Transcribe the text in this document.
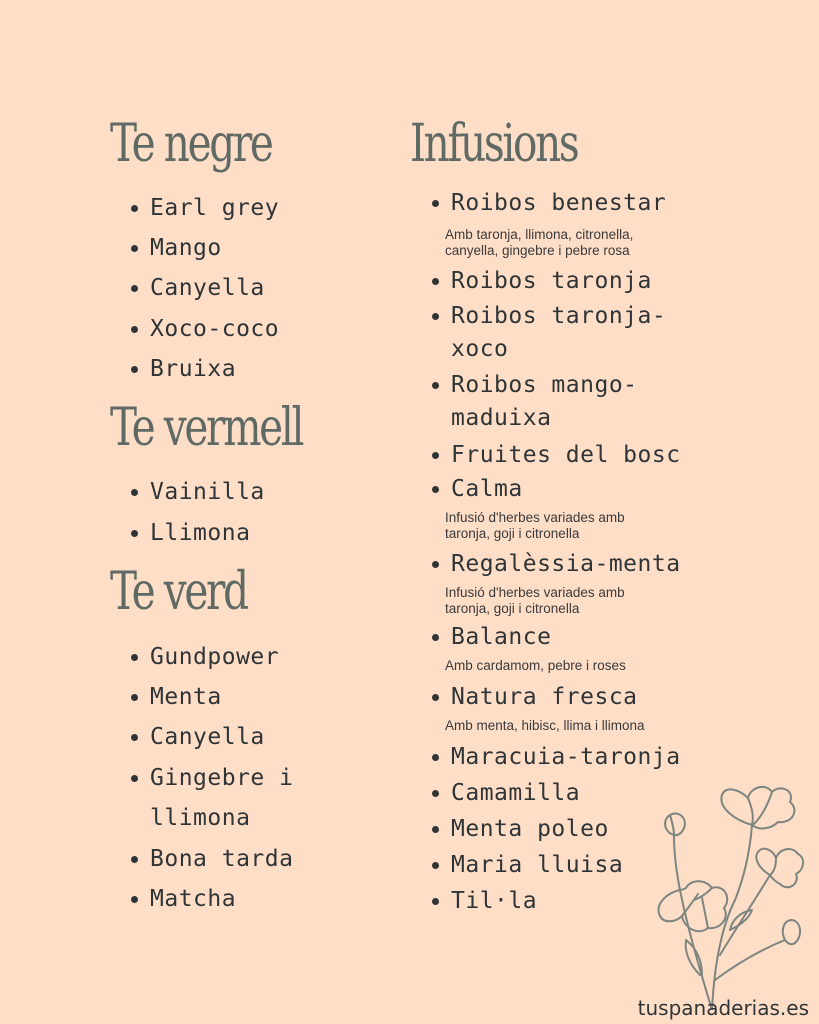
Te negre
Earl grey
Mango
Canyella
Xoco-coco
Bruixa
Te vermell
Vainilla
Llimona
Te verd
Gundpower
Menta
Canyella
Gingebre i
llimona
Bona tarda
Matcha
Infusions
Roibos benestar
Amb taronja, llimona, citronella,
canyella, gingebre i pebre rosa
Roibos taronja
Roibos taronja-
xoco
Roibos mango-
maduixa
Fruites del bosc
Calma
Infusió d'herbes variades amb
taronja, goji i citronella
Regalèssia-menta
Infusió d'herbes variades amb
taronja, goji i citronella
Balance
Amb cardamom, pebre i roses
Natura fresca
Amb menta, hibisc, llima i llimona
Maracuia-taronja
Camamilla
Menta poleo
Maria lluisa
Til·la
tuspanaderias.es
